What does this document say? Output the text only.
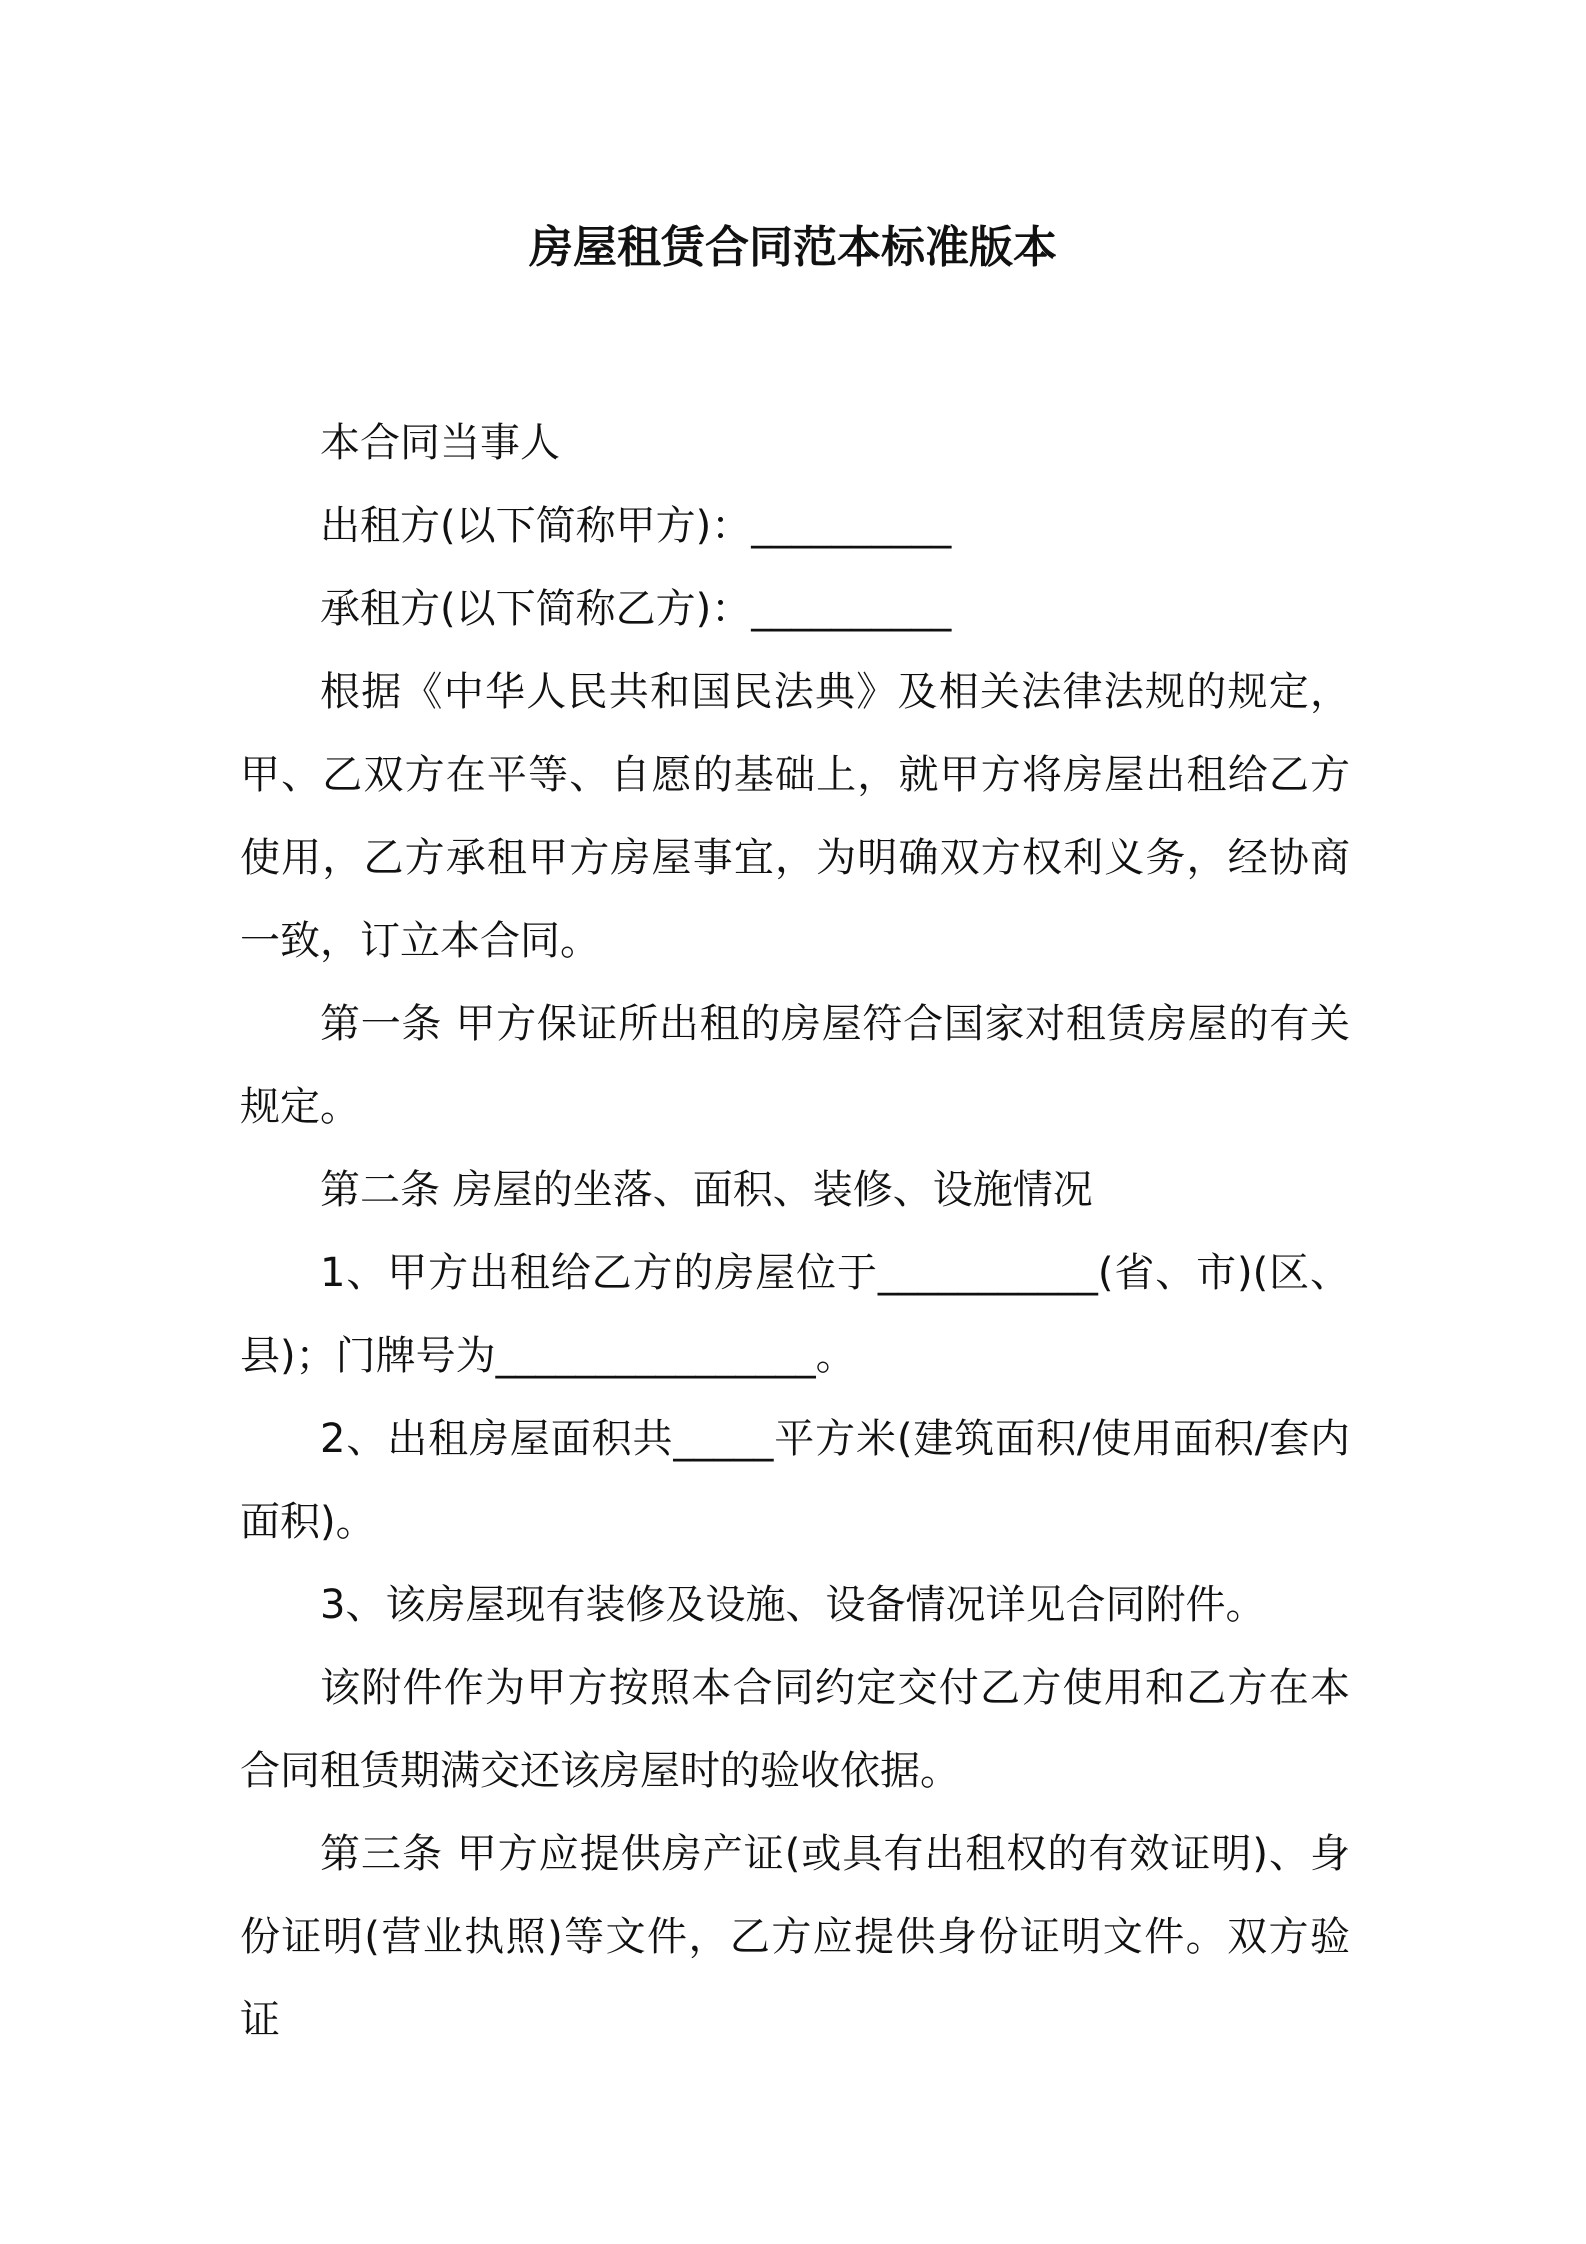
房屋租赁合同范本标准版本

本合同当事人

出租方(以下简称甲方)：__________

承租方(以下简称乙方)：__________

根据《中华人民共和国民法典》及相关法律法规的规定，甲、乙双方在平等、自愿的基础上，就甲方将房屋出租给乙方使用，乙方承租甲方房屋事宜，为明确双方权利义务，经协商一致，订立本合同。

第一条 甲方保证所出租的房屋符合国家对租赁房屋的有关规定。

第二条 房屋的坐落、面积、装修、设施情况

1、甲方出租给乙方的房屋位于___________(省、市)(区、县)；门牌号为________________。

2、出租房屋面积共_____平方米(建筑面积/使用面积/套内面积)。

3、该房屋现有装修及设施、设备情况详见合同附件。

该附件作为甲方按照本合同约定交付乙方使用和乙方在本合同租赁期满交还该房屋时的验收依据。

第三条 甲方应提供房产证(或具有出租权的有效证明)、身份证明(营业执照)等文件，乙方应提供身份证明文件。双方验证
